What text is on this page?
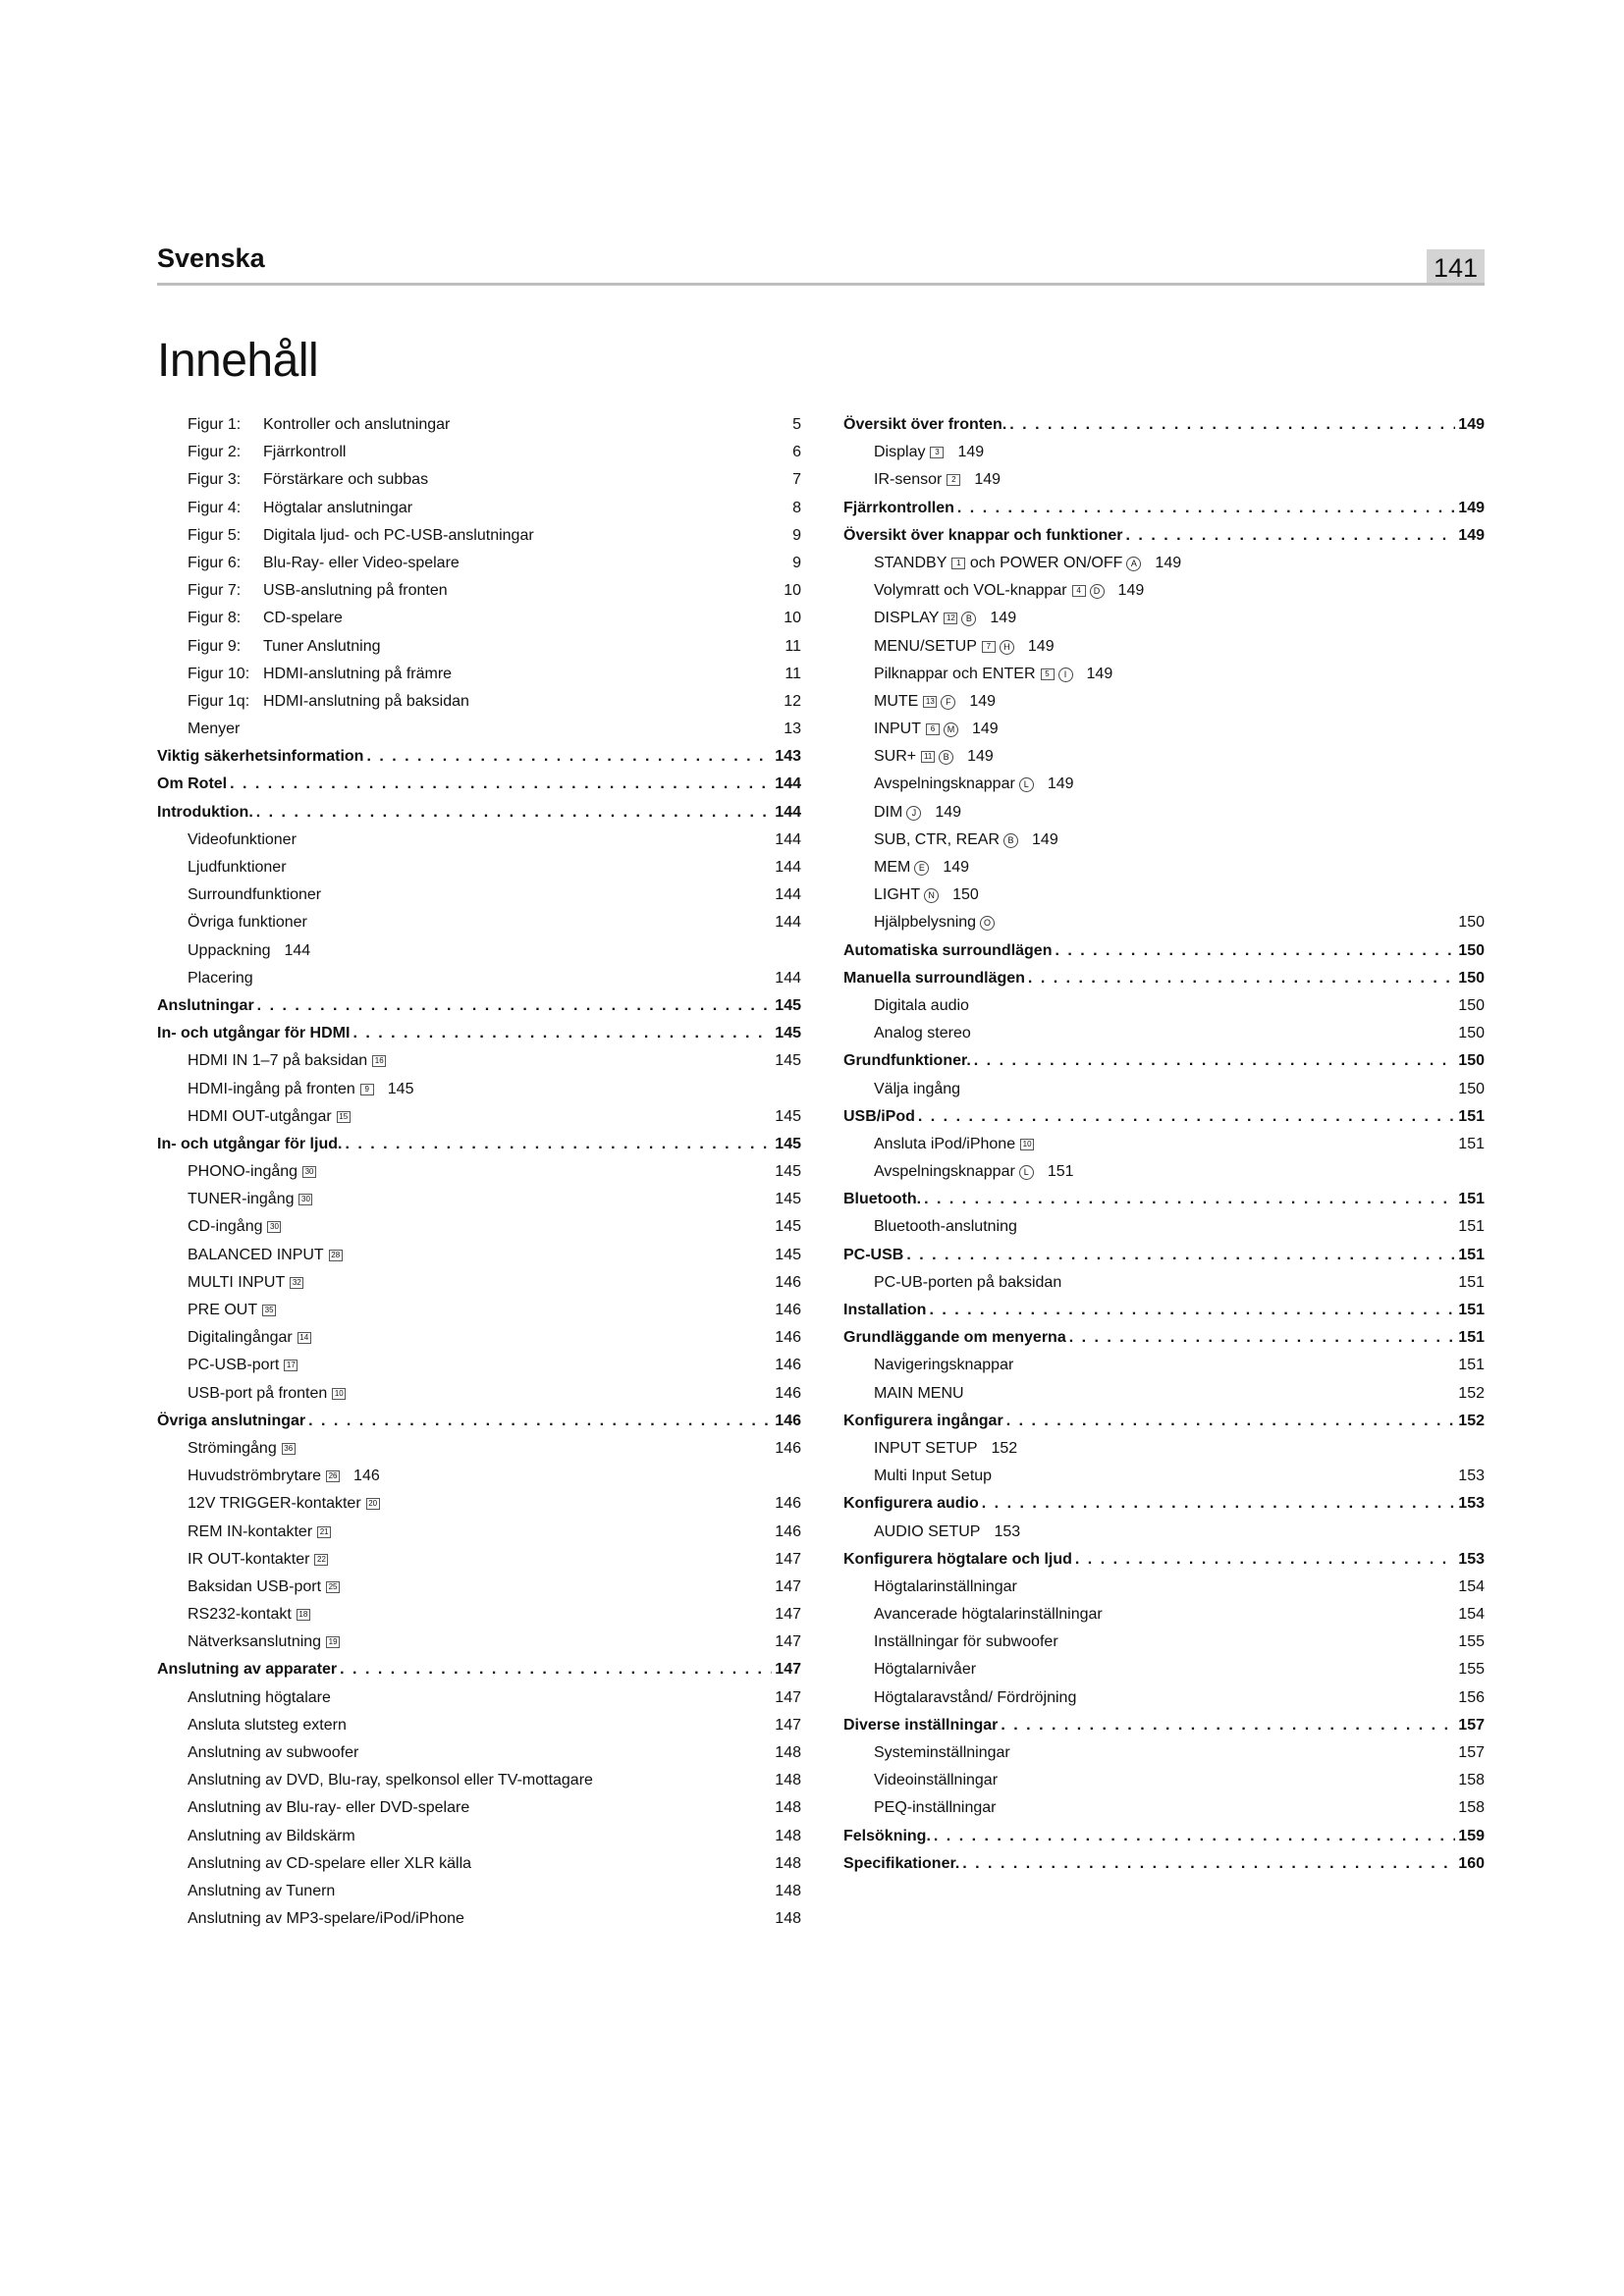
Svenska	141
Innehåll
Figur 1: Kontroller och anslutningar	5
Figur 2: Fjärrkontroll	6
Figur 3: Förstärkare och subbas	7
Figur 4: Högtalar anslutningar	8
Figur 5: Digitala ljud- och PC-USB-anslutningar	9
Figur 6: Blu-Ray- eller Video-spelare	9
Figur 7: USB-anslutning på fronten	10
Figur 8: CD-spelare	10
Figur 9: Tuner Anslutning	11
Figur 10: HDMI-anslutning på främre	11
Figur 1q: HDMI-anslutning på baksidan	12
Menyer	13
Viktig säkerhetsinformation . . .	143
Om Rotel . . .	144
Introduktion. . . .	144
Videofunktioner	144
Ljudfunktioner	144
Surroundfunktioner	144
Övriga funktioner	144
Uppackning 144
Placering	144
Anslutningar . . .	145
In- och utgångar för HDMI . . .	145
HDMI IN 1–7 på baksidan 16	145
HDMI-ingång på fronten 9 145
HDMI OUT-utgångar 15	145
In- och utgångar för ljud. . . .	145
PHONO-ingång 30	145
TUNER-ingång 30	145
CD-ingång 30	145
BALANCED INPUT 28	145
MULTI INPUT 32	146
PRE OUT 35	146
Digitalingångar 14	146
PC-USB-port 17	146
USB-port på fronten 10	146
Övriga anslutningar . . .	146
Strömingång 36	146
Huvudströmbrytare 26 146
12V TRIGGER-kontakter 20	146
REM IN-kontakter 21	146
IR OUT-kontakter 22	147
Baksidan USB-port 25	147
RS232-kontakt 18	147
Nätverksanslutning 19	147
Anslutning av apparater . . .	147
Anslutning högtalare	147
Ansluta slutsteg extern	147
Anslutning av subwoofer	148
Anslutning av DVD, Blu-ray, spelkonsol eller TV-mottagare	148
Anslutning av Blu-ray- eller DVD-spelare	148
Anslutning av Bildskärm	148
Anslutning av CD-spelare eller XLR källa	148
Anslutning av Tunern	148
Anslutning av MP3-spelare/iPod/iPhone	148
Översikt över fronten. . . .	149
Display 3 149
IR-sensor 2 149
Fjärrkontrollen . . .	149
Översikt över knappar och funktioner . . .	149
STANDBY 1 och POWER ON/OFF A 149
Volymratt och VOL-knappar 4 D 149
DISPLAY 12 B 149
MENU/SETUP 7 H 149
Pilknappar och ENTER 5 I 149
MUTE 13 F 149
INPUT 6 M 149
SUR+ 11 B 149
Avspelningsknappar L 149
DIM J 149
SUB, CTR, REAR B 149
MEM E 149
LIGHT N 150
Hjälpbelysning O	150
Automatiska surroundlägen . . .	150
Manuella surroundlägen . . .	150
Digitala audio	150
Analog stereo	150
Grundfunktioner. . . .	150
Välja ingång	150
USB/iPod . . .	151
Ansluta iPod/iPhone 10	151
Avspelningsknappar L 151
Bluetooth. . . .	151
Bluetooth-anslutning	151
PC-USB . . .	151
PC-UB-porten på baksidan	151
Installation . . .	151
Grundläggande om menyerna . . .	151
Navigeringsknappar	151
MAIN MENU	152
Konfigurera ingångar . . .	152
INPUT SETUP 152
Multi Input Setup	153
Konfigurera audio . . .	153
AUDIO SETUP 153
Konfigurera högtalare och ljud . . .	153
Högtalarinställningar	154
Avancerade högtalarinställningar	154
Inställningar för subwoofer	155
Högtalarnivåer	155
Högtalaravstånd/ Fördröjning	156
Diverse inställningar . . .	157
Systeminställningar	157
Videoinställningar	158
PEQ-inställningar	158
Felsökning. . . .	159
Specifikationer. . . .	160
